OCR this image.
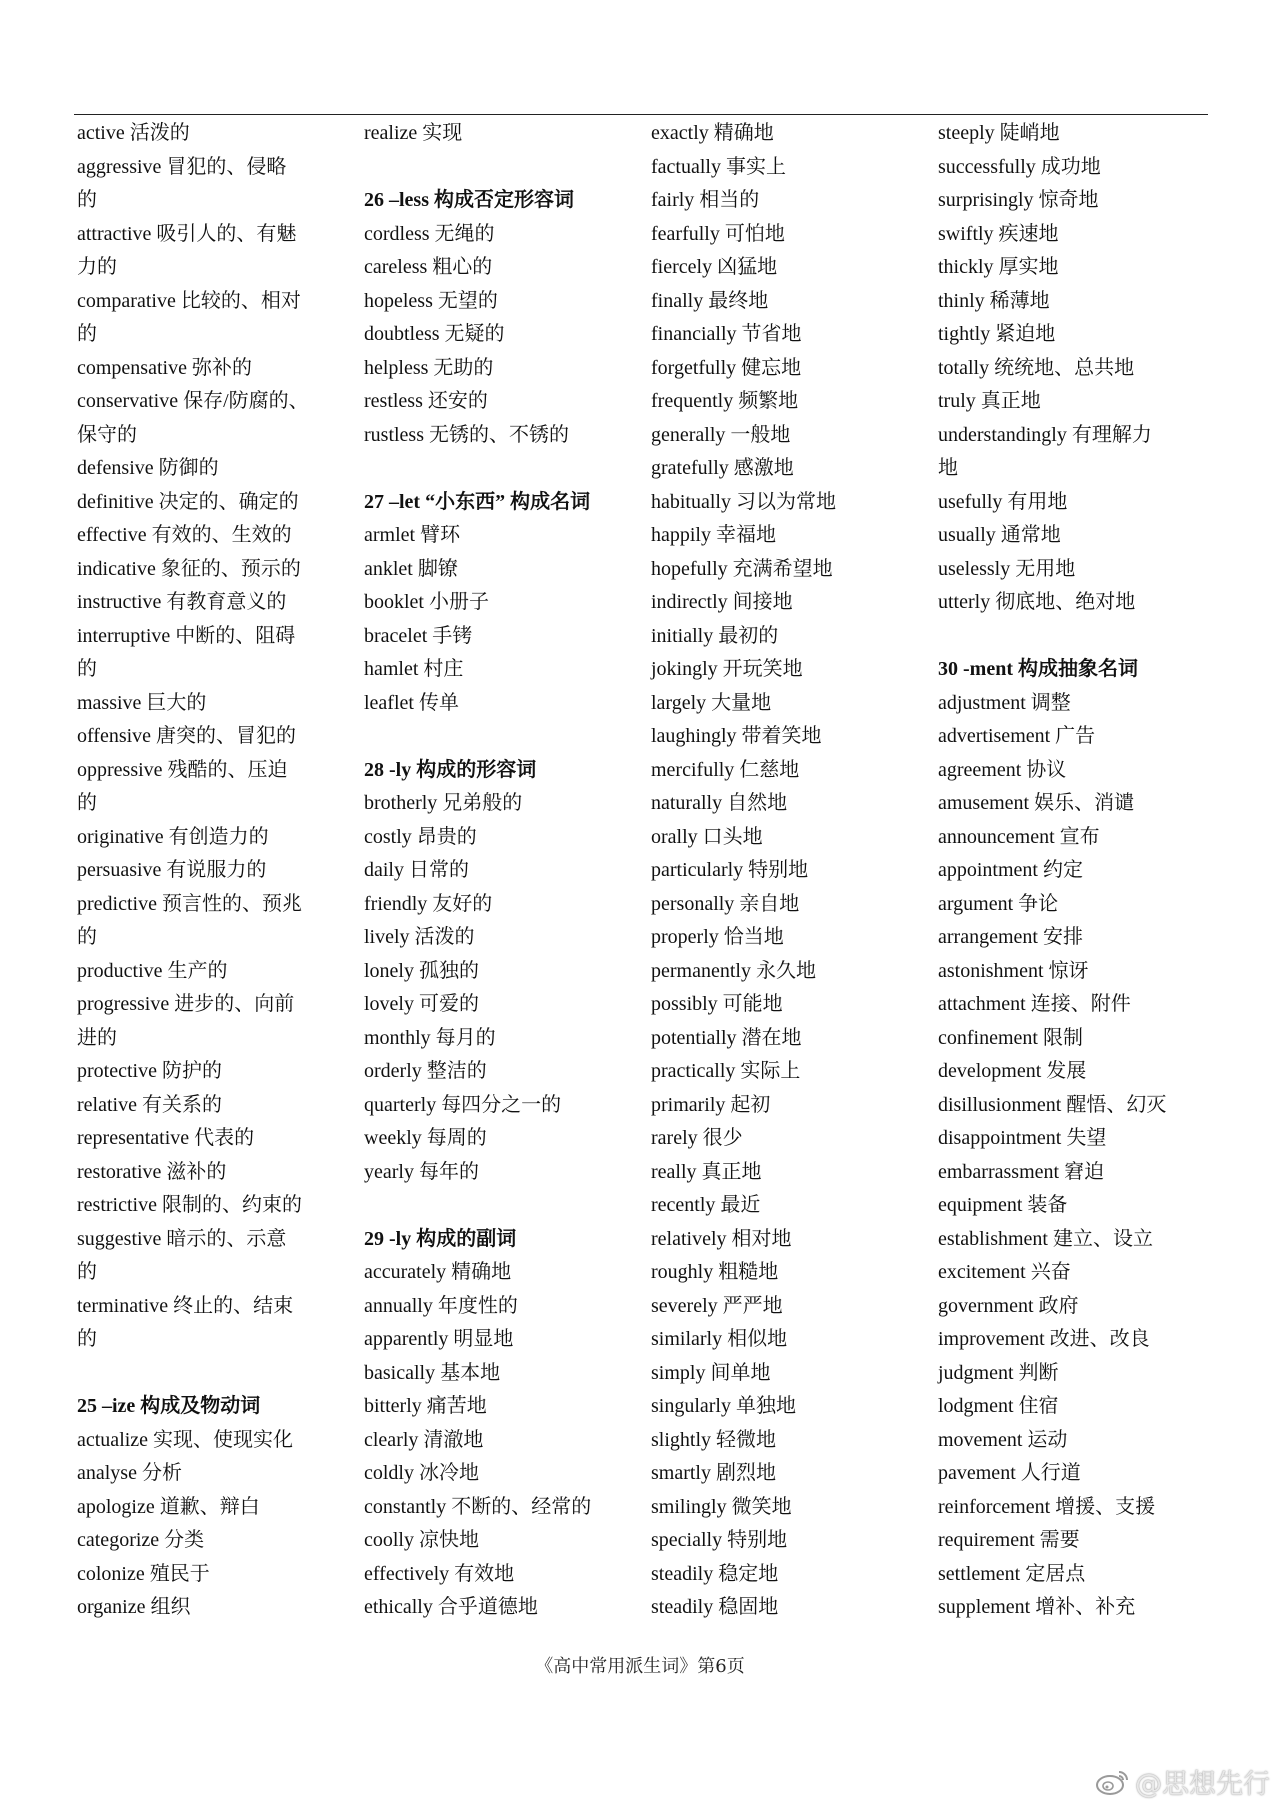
active 活泼的
aggressive 冒犯的、侵略
的
attractive 吸引人的、有魅
力的
comparative 比较的、相对
的
compensative 弥补的
conservative 保存/防腐的、
保守的
defensive 防御的
definitive 决定的、确定的
effective 有效的、生效的
indicative 象征的、预示的
instructive 有教育意义的
interruptive 中断的、阻碍
的
massive 巨大的
offensive 唐突的、冒犯的
oppressive 残酷的、压迫
的
originative 有创造力的
persuasive 有说服力的
predictive 预言性的、预兆
的
productive 生产的
progressive 进步的、向前
进的
protective 防护的
relative 有关系的
representative 代表的
restorative 滋补的
restrictive 限制的、约束的
suggestive 暗示的、示意
的
terminative 终止的、结束
的
25 –ize 构成及物动词
actualize 实现、使现实化
analyse 分析
apologize 道歉、辩白
categorize 分类
colonize 殖民于
organize 组织
realize 实现
26 –less 构成否定形容词
cordless 无绳的
careless 粗心的
hopeless 无望的
doubtless 无疑的
helpless 无助的
restless 还安的
rustless 无锈的、不锈的
27 –let “小东西” 构成名词
armlet 臂环
anklet 脚镣
booklet 小册子
bracelet 手铐
hamlet 村庄
leaflet 传单
28 -ly 构成的形容词
brotherly 兄弟般的
costly 昂贵的
daily 日常的
friendly 友好的
lively 活泼的
lonely 孤独的
lovely 可爱的
monthly 每月的
orderly 整洁的
quarterly 每四分之一的
weekly 每周的
yearly 每年的
29 -ly 构成的副词
accurately 精确地
annually 年度性的
apparently 明显地
basically 基本地
bitterly 痛苦地
clearly 清澈地
coldly 冰冷地
constantly 不断的、经常的
coolly 凉快地
effectively 有效地
ethically 合乎道德地
exactly 精确地
factually 事实上
fairly 相当的
fearfully 可怕地
fiercely 凶猛地
finally 最终地
financially 节省地
forgetfully 健忘地
frequently 频繁地
generally 一般地
gratefully 感激地
habitually 习以为常地
happily 幸福地
hopefully 充满希望地
indirectly 间接地
initially 最初的
jokingly 开玩笑地
largely 大量地
laughingly 带着笑地
mercifully 仁慈地
naturally 自然地
orally 口头地
particularly 特别地
personally 亲自地
properly 恰当地
permanently 永久地
possibly 可能地
potentially 潜在地
practically 实际上
primarily 起初
rarely 很少
really 真正地
recently 最近
relatively 相对地
roughly 粗糙地
severely 严严地
similarly 相似地
simply 间单地
singularly 单独地
slightly 轻微地
smartly 剧烈地
smilingly 微笑地
specially 特别地
steadily 稳定地
steadily 稳固地
steeply 陡峭地
successfully 成功地
surprisingly 惊奇地
swiftly 疾速地
thickly 厚实地
thinly 稀薄地
tightly 紧迫地
totally 统统地、总共地
truly 真正地
understandingly 有理解力
地
usefully 有用地
usually 通常地
uselessly 无用地
utterly 彻底地、绝对地
30 -ment 构成抽象名词
adjustment 调整
advertisement 广告
agreement 协议
amusement 娱乐、消谴
announcement 宣布
appointment 约定
argument 争论
arrangement 安排
astonishment 惊讶
attachment 连接、附件
confinement 限制
development 发展
disillusionment 醒悟、幻灭
disappointment 失望
embarrassment 窘迫
equipment 装备
establishment 建立、设立
excitement 兴奋
government 政府
improvement 改进、改良
judgment 判断
lodgment 住宿
movement 运动
pavement 人行道
reinforcement 增援、支援
requirement 需要
settlement 定居点
supplement 增补、补充
《高中常用派生词》第6页
@思想先行
